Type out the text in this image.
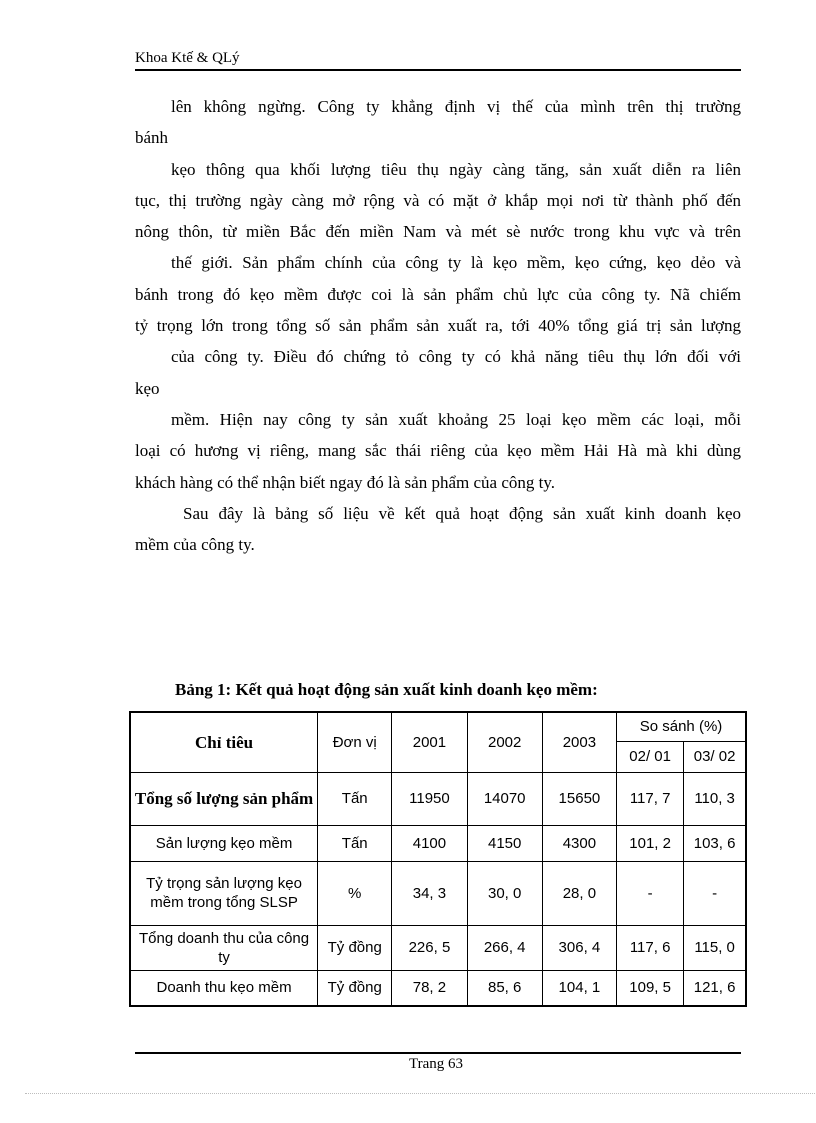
Khoa Ktế & QLý
lên không ngừng. Công ty khẳng định vị thế của mình trên thị trường
bánh
kẹo thông qua khối lượng tiêu thụ ngày càng tăng, sản xuất diễn ra liên
tục, thị trường ngày càng mở rộng và có mặt ở khắp mọi nơi từ thành phố đến
nông thôn, từ miền Bắc đến miền Nam và mét sè nước trong khu vực và trên
thế giới. Sản phẩm chính của công ty là kẹo mềm, kẹo cứng, kẹo dẻo và
bánh trong đó kẹo mềm được coi là sản phẩm chủ lực của công ty. Nã chiếm
tỷ trọng lớn trong tổng số sản phẩm sản xuất ra, tới 40% tổng giá trị sản lượng
của công ty. Điều đó chứng tỏ công ty có khả năng tiêu thụ lớn đối với
kẹo
mềm. Hiện nay công ty sản xuất khoảng 25 loại kẹo mềm các loại, mỗi
loại có hương vị riêng, mang sắc thái riêng của kẹo mềm Hải Hà mà khi dùng
khách hàng có thể nhận biết ngay đó là sản phẩm của công ty.
Sau đây là bảng số liệu về kết quả hoạt động sản xuất kinh doanh kẹo
mềm của công ty.
Bảng 1: Kết quả hoạt động sản xuất kinh doanh kẹo mềm:
Chỉ tiêu	Đơn vị	2001	2002	2003	So sánh (%)	
					02/ 01	03/ 02
Tổng số lượng sản phẩm	Tấn	11950	14070	15650	117, 7	110, 3
Sản lượng kẹo mềm	Tấn	4100	4150	4300	101, 2	103, 6
Tỷ trọng sản lượng kẹo mềm trong tổng SLSP	%	34, 3	30, 0	28, 0	-	-
Tổng doanh thu của công ty	Tỷ đồng	226, 5	266, 4	306, 4	117, 6	115, 0
Doanh thu kẹo mềm	Tỷ đồng	78, 2	85, 6	104, 1	109, 5	121, 6
Trang 63
